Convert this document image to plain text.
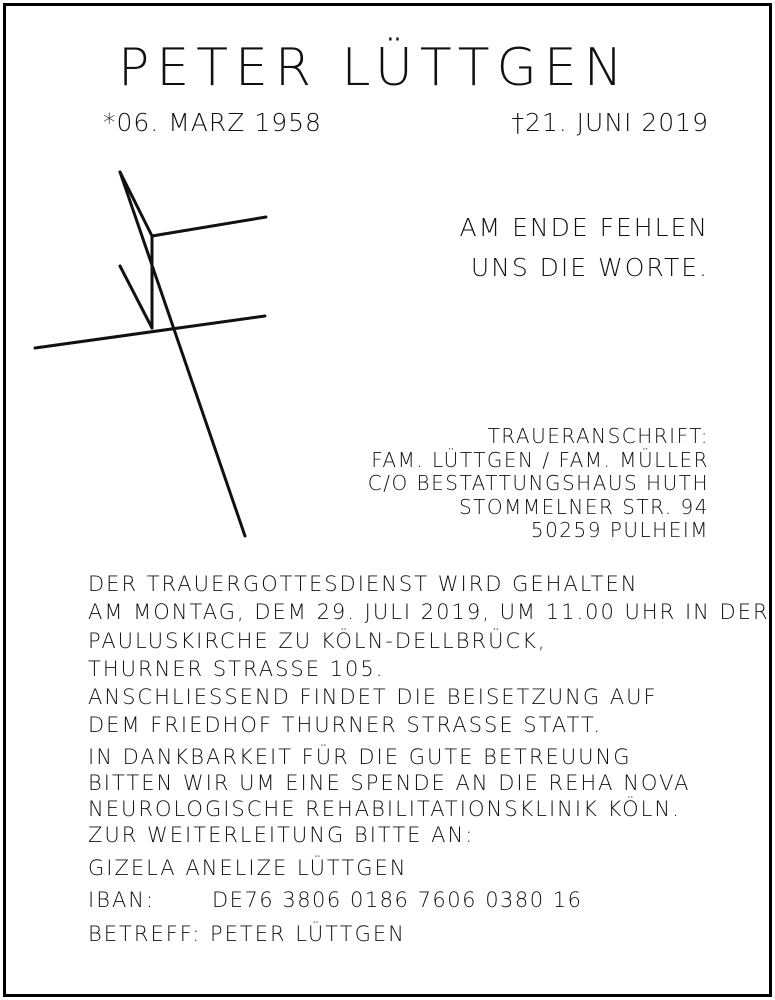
PETER LÜTTGEN
*06. MARZ 1958	†21. JUNI 2019
AM ENDE FEHLEN
UNS DIE WORTE.
TRAUERANSCHRIFT:
FAM. LÜTTGEN / FAM. MÜLLER
C/O BESTATTUNGSHAUS HUTH
STOMMELNER STR. 94
50259 PULHEIM
DER TRAUERGOTTESDIENST WIRD GEHALTEN
AM MONTAG, DEM 29. JULI 2019, UM 11.00 UHR IN DER
PAULUSKIRCHE ZU KÖLN-DELLBRÜCK,
THURNER STRASSE 105.
ANSCHLIESSEND FINDET DIE BEISETZUNG AUF
DEM FRIEDHOF THURNER STRASSE STATT.
IN DANKBARKEIT FÜR DIE GUTE BETREUUNG
BITTEN WIR UM EINE SPENDE AN DIE REHA NOVA
NEUROLOGISCHE REHABILITATIONSKLINIK KÖLN.
ZUR WEITERLEITUNG BITTE AN:
GIZELA ANELIZE LÜTTGEN
IBAN:	DE76 3806 0186 7606 0380 16
BETREFF: PETER LÜTTGEN
